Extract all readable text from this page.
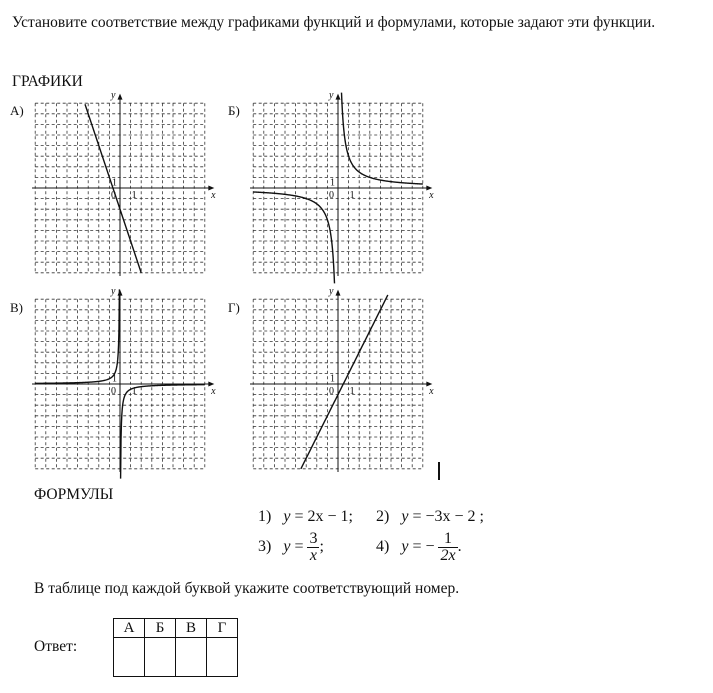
Установите соответствие между графиками функций и формулами, которые задают эти функции.
ГРАФИКИ
А)	Б)
В)	Г)
x
y
0 1
1
x
y
0 1
1
x
y
0 1
1
x
y
0 1
1
ФОРМУЛЫ
1) y = 2x − 1; 2) y = −3x − 2 ;
3) $y = \frac{3}{x}$ ;	4) y = − $\frac{1}{2x}$ .
В таблице под каждой буквой укажите соответствующий номер.
Ответ:
А	Б	В	Г
